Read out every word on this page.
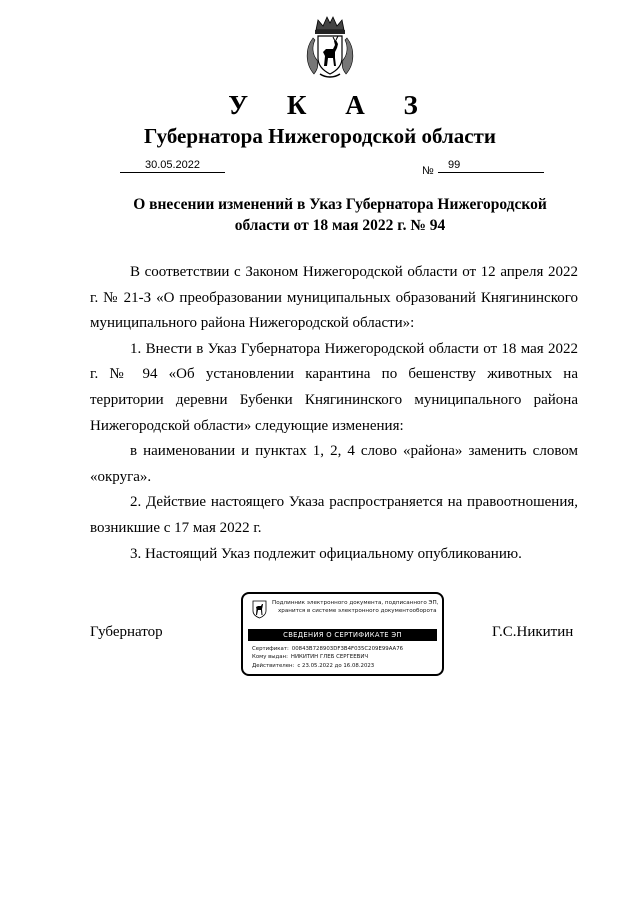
У К А З
Губернатора Нижегородской области
30.05.2022	№	99
О внесении изменений в Указ Губернатора Нижегородской области от 18 мая 2022 г. № 94

В соответствии с Законом Нижегородской области от 12 апреля 2022 г. № 21-З «О преобразовании муниципальных образований Княгининского муниципального района Нижегородской области»:

1. Внести в Указ Губернатора Нижегородской области от 18 мая 2022 г. № 94 «Об установлении карантина по бешенству животных на территории деревни Бубенки Княгининского муниципального района Нижегородской области» следующие изменения:

в наименовании и пунктах 1, 2, 4 слово «района» заменить словом «округа».

2. Действие настоящего Указа распространяется на правоотношения, возникшие с 17 мая 2022 г.

3. Настоящий Указ подлежит официальному опубликованию.

Губернатор	Г.С.Никитин
Подлинник электронного документа, подписанного ЭП,
хранится в системе электронного документооборота
СВЕДЕНИЯ О СЕРТИФИКАТЕ ЭП
Сертификат: 00843B728903DF3B4F035C209E99AA76
Кому выдан: НИКИТИН ГЛЕБ СЕРГЕЕВИЧ
Действителен: с 23.05.2022 до 16.08.2023
